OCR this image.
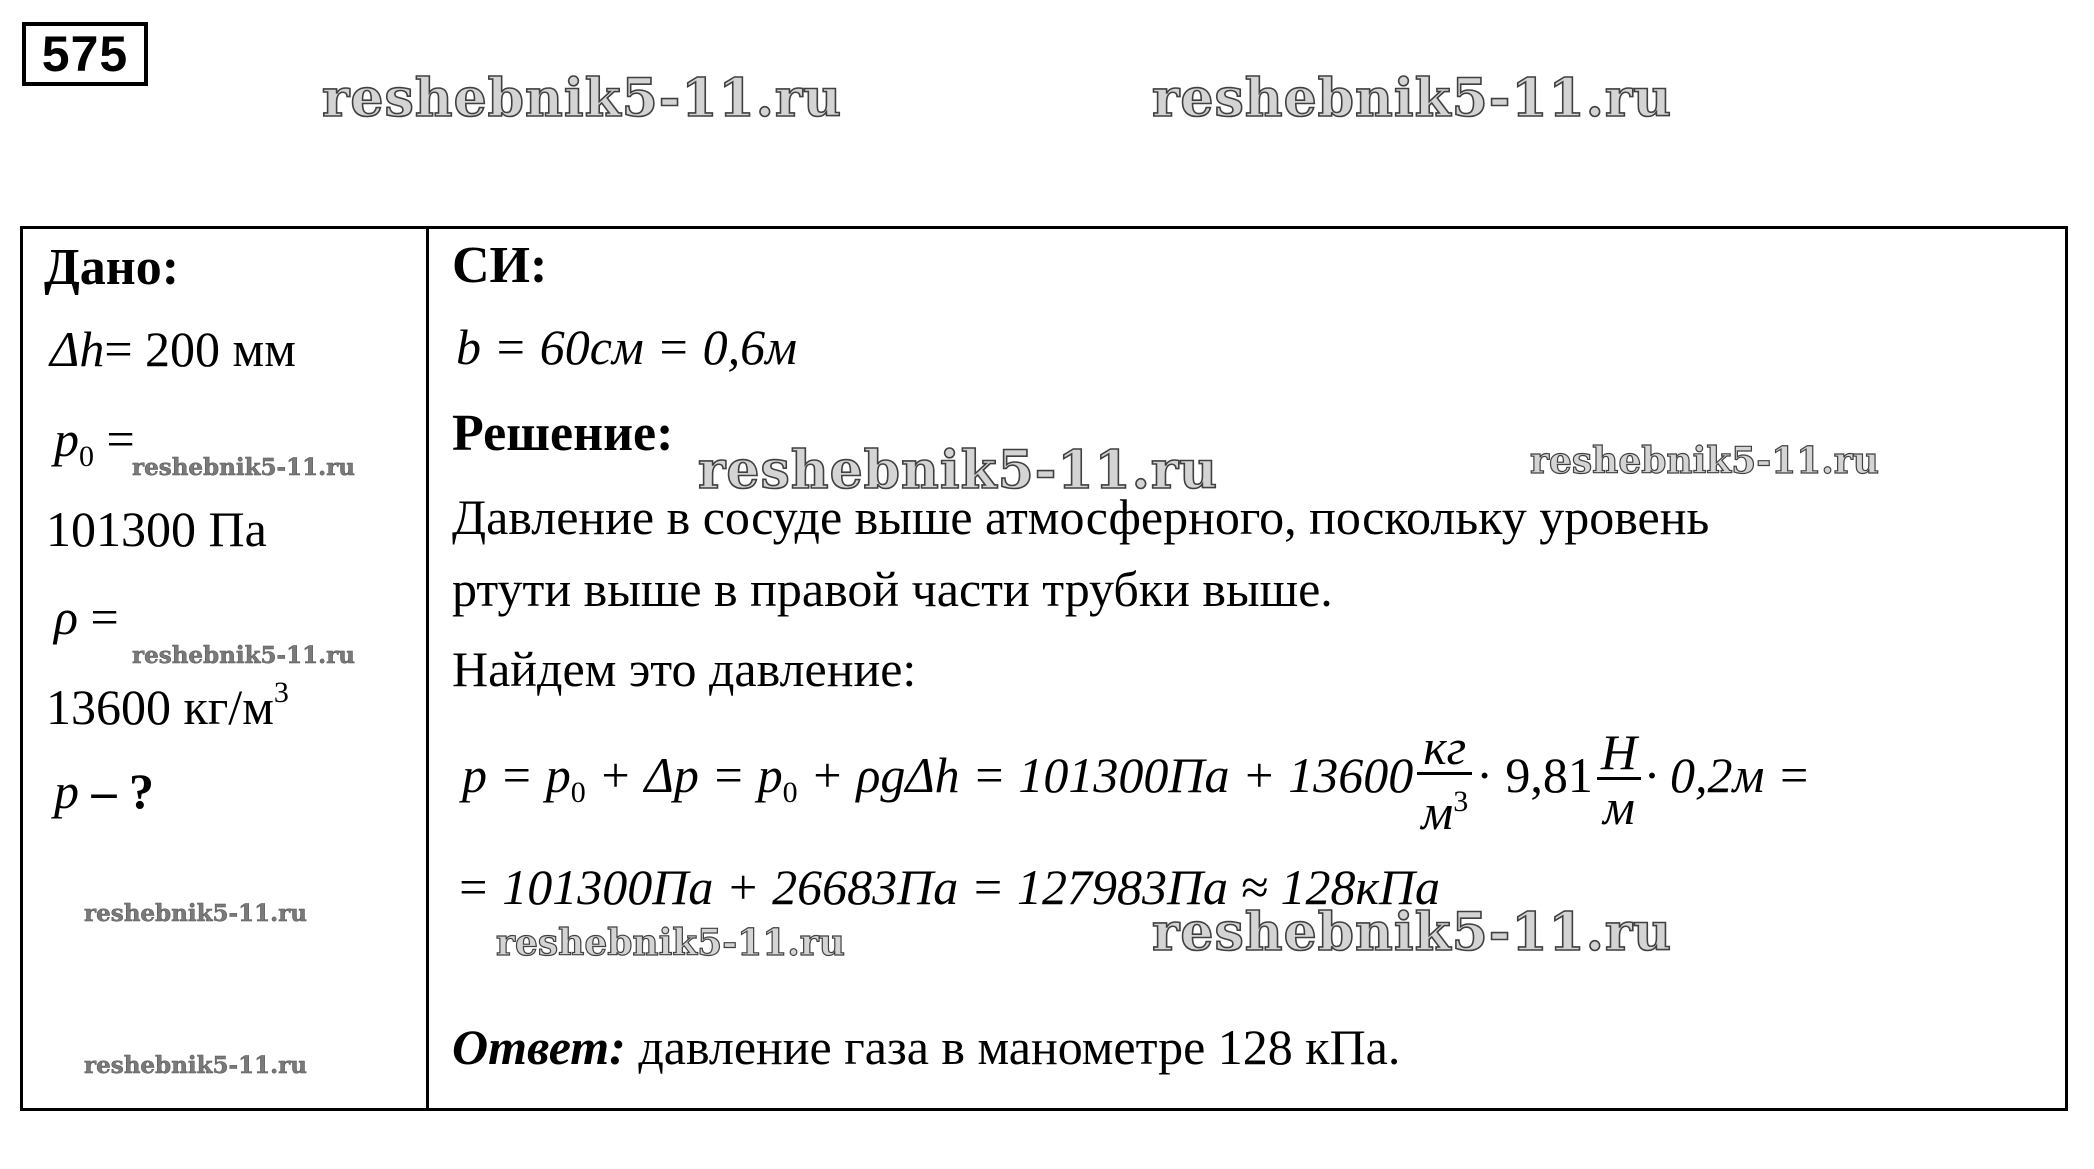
575
reshebnik5-11.ru	reshebnik5-11.ru
Дано:
Δh= 200 мм
$p_0$ =
reshebnik5-11.ru
101300 Па
ρ =
reshebnik5-11.ru
13600 $кг/м^3$
p – ?
reshebnik5-11.ru
reshebnik5-11.ru
СИ:
b = 60см = 0,6м
Решение:
reshebnik5-11.ru	reshebnik5-11.ru
Давление в сосуде выше атмосферного, поскольку уровень
ртути выше в правой части трубки выше.
Найдем это давление:
$p = p_0 + \Delta p = p_0 + \rho g\Delta h = 101300Па + 13600 \frac{кг}{м^3} \cdot 9,81 \frac{Н}{м} \cdot 0,2м$ =
= 101300Па + 26683Па = 127983Па ≈ 128кПа
reshebnik5-11.ru	reshebnik5-11.ru
Ответ: давление газа в манометре 128 кПа.
